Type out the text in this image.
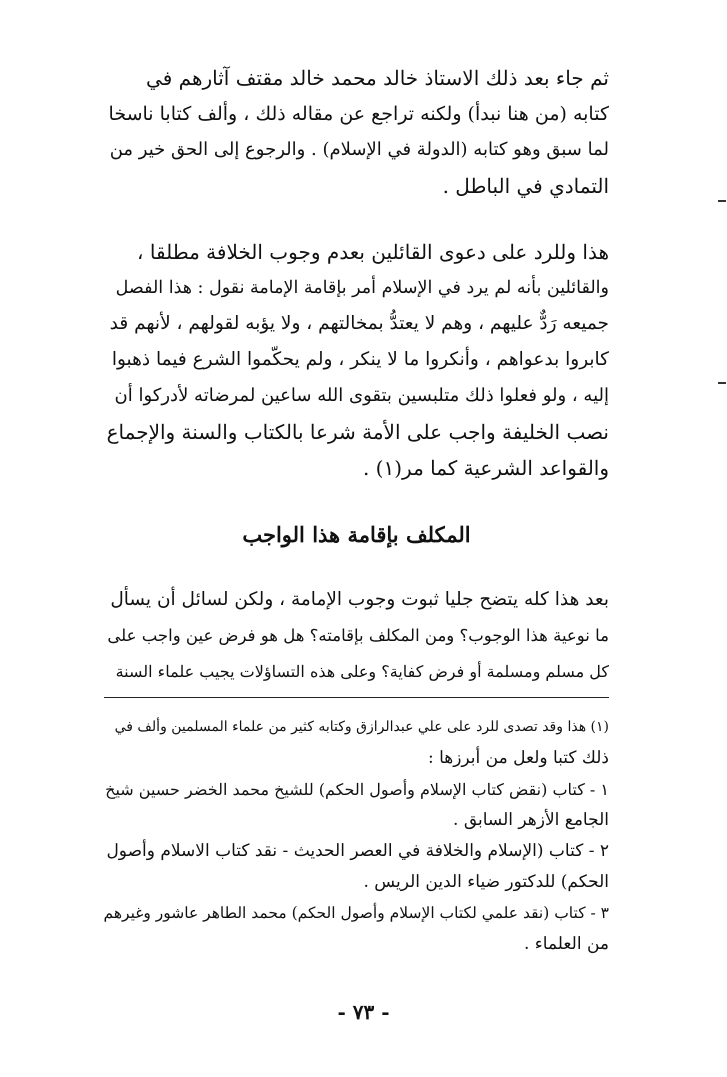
ثم جاء بعد ذلك الاستاذ خالد محمد خالد مقتف آثارهم في
كتابه (من هنا نبدأ) ولكنه تراجع عن مقاله ذلك ، وألف كتابا ناسخا
لما سبق وهو كتابه (الدولة في الإسلام) . والرجوع إلى الحق خير من
التمادي في الباطل .
هذا وللرد على دعوى القائلين بعدم وجوب الخلافة مطلقا ،
والقائلين بأنه لم يرد في الإسلام أمر بإقامة الإمامة نقول : هذا الفصل
جميعه رَدٌّ عليهم ، وهم لا يعتدُّ بمخالتهم ، ولا يؤبه لقولهم ، لأنهم قد
كابروا بدعواهم ، وأنكروا ما لا ينكر ، ولم يحكّموا الشرع فيما ذهبوا
إليه ، ولو فعلوا ذلك متلبسين بتقوى الله ساعين لمرضاته لأدركوا أن
نصب الخليفة واجب على الأمة شرعا بالكتاب والسنة والإجماع
والقواعد الشرعية كما مر(١) .
المكلف بإقامة هذا الواجب
بعد هذا كله يتضح جليا ثبوت وجوب الإمامة ، ولكن لسائل أن يسأل
ما نوعية هذا الوجوب؟ ومن المكلف بإقامته؟ هل هو فرض عين واجب على
كل مسلم ومسلمة أو فرض كفاية؟ وعلى هذه التساؤلات يجيب علماء السنة
(١) هذا وقد تصدى للرد على علي عبدالرازق وكتابه كثير من علماء المسلمين وألف في
ذلك كتبا ولعل من أبرزها :
١ - كتاب (نقض كتاب الإسلام وأصول الحكم) للشيخ محمد الخضر حسين شيخ
الجامع الأزهر السابق .
٢ - كتاب (الإسلام والخلافة في العصر الحديث - نقد كتاب الاسلام وأصول
الحكم) للدكتور ضياء الدين الريس .
٣ - كتاب (نقد علمي لكتاب الإسلام وأصول الحكم) محمد الطاهر عاشور وغيرهم
من العلماء .
- ٧٣ -
